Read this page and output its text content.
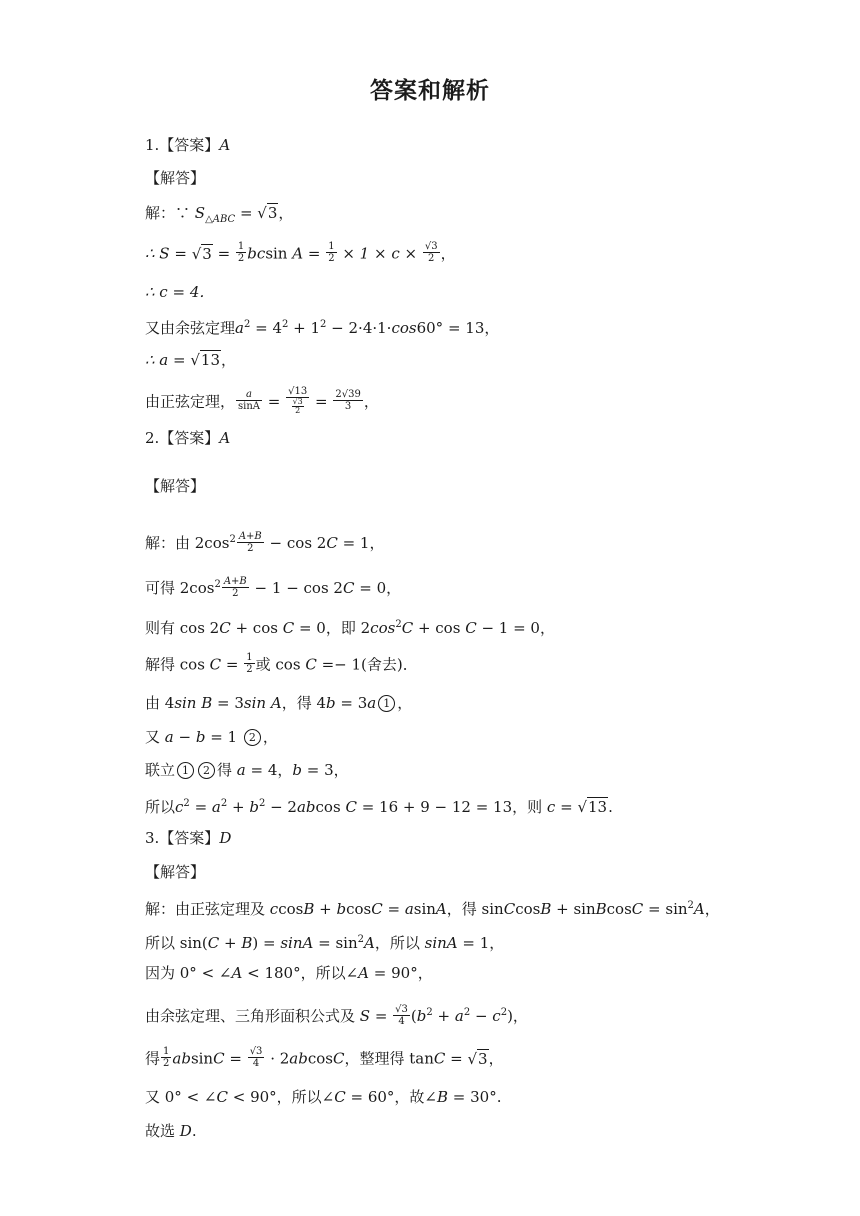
答案和解析
1.【答案】A
【解答】
解：∵ $S_{\triangle ABC} = √3$，
∴ $S = √3 = \frac{1}{2}$ bcsin $A = \frac{1}{2} \times 1 \times c \times \frac{√3}{2}$ ，
∴ c = 4．
又由余弦定理$a^2 = 4^2 + 1^2 - 2\cdot 4\cdot 1\cdot\cos 60^\circ = 13$，
∴ a = √13，
由正弦定理， $\frac{a}{\sin A} = \frac{√13}{\frac{√3}{2}} = \frac{2√39}{3}$ ，
2.【答案】A
【解答】
解：由 $2\cos^2 \frac{A+B}{2} - \cos 2C = 1$，
可得 $2\cos^2 \frac{A+B}{2} - 1 - \cos 2C = 0$，
则有 cos 2C + cos C = 0，即 $2\cos^2C + \cos C - 1 = 0$，
解得 $\cos C = \frac{1}{2}$ 或 cos C =− 1(舍去)．
由 4sin B = 3sin A，得 4b = 3a 1 ，
又 a − b = 1 2 ，
联立 1 2 得 a = 4，b = 3，
所以$c^2 = a^2 + b^2 - 2abcos$ C = 16 + 9 − 12 = 13，则 c = √13.
3.【答案】D
【解答】
解：由正弦定理及 ccosB + bcosC = asinA，得 sinCcosB + sinBcosC = $\sin^2A$，
所以 $\sin(C + B) = \sin A = \sin^2A$，所以 sinA = 1，
因为 0° < ∠A < 180°，所以∠A = 90°，
由余弦定理、三角形面积公式及 $S = \frac{√3}{4} (b^2 + a^2 - c^2)$，
得 $\frac{1}{2}$ $absinC = \frac{√3}{4} \cdot 2abcosC$，整理得 tanC = √3，
又 0° < ∠C < 90°，所以∠C = 60°，故∠B = 30°.
故选 D.
